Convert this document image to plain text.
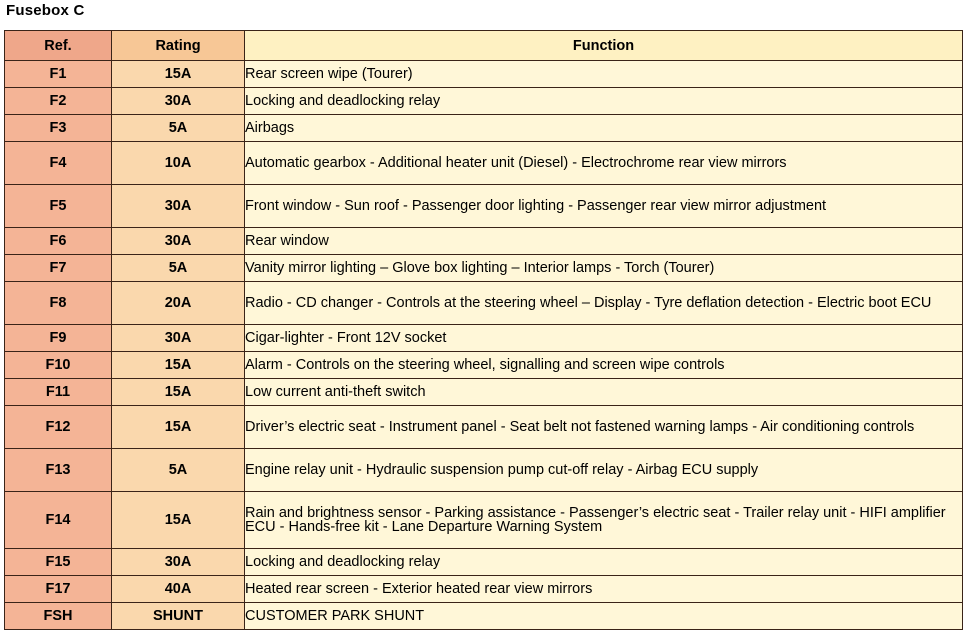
Fusebox C
Ref.	Rating	Function
F1	15A	Rear screen wipe (Tourer)
F2	30A	Locking and deadlocking relay
F3	5A	Airbags
F4	10A	Automatic gearbox - Additional heater unit (Diesel) - Electrochrome rear view mirrors
F5	30A	Front window - Sun roof - Passenger door lighting - Passenger rear view mirror adjustment
F6	30A	Rear window
F7	5A	Vanity mirror lighting – Glove box lighting – Interior lamps - Torch (Tourer)
F8	20A	Radio - CD changer - Controls at the steering wheel – Display - Tyre deflation detection - Electric boot ECU
F9	30A	Cigar-lighter - Front 12V socket
F10	15A	Alarm - Controls on the steering wheel, signalling and screen wipe controls
F11	15A	Low current anti-theft switch
F12	15A	Driver’s electric seat - Instrument panel - Seat belt not fastened warning lamps - Air conditioning controls
F13	5A	Engine relay unit - Hydraulic suspension pump cut-off relay - Airbag ECU supply
F14	15A	Rain and brightness sensor - Parking assistance - Passenger’s electric seat - Trailer relay unit - HIFI amplifier ECU - Hands-free kit - Lane Departure Warning System
F15	30A	Locking and deadlocking relay
F17	40A	Heated rear screen - Exterior heated rear view mirrors
FSH	SHUNT	CUSTOMER PARK SHUNT
